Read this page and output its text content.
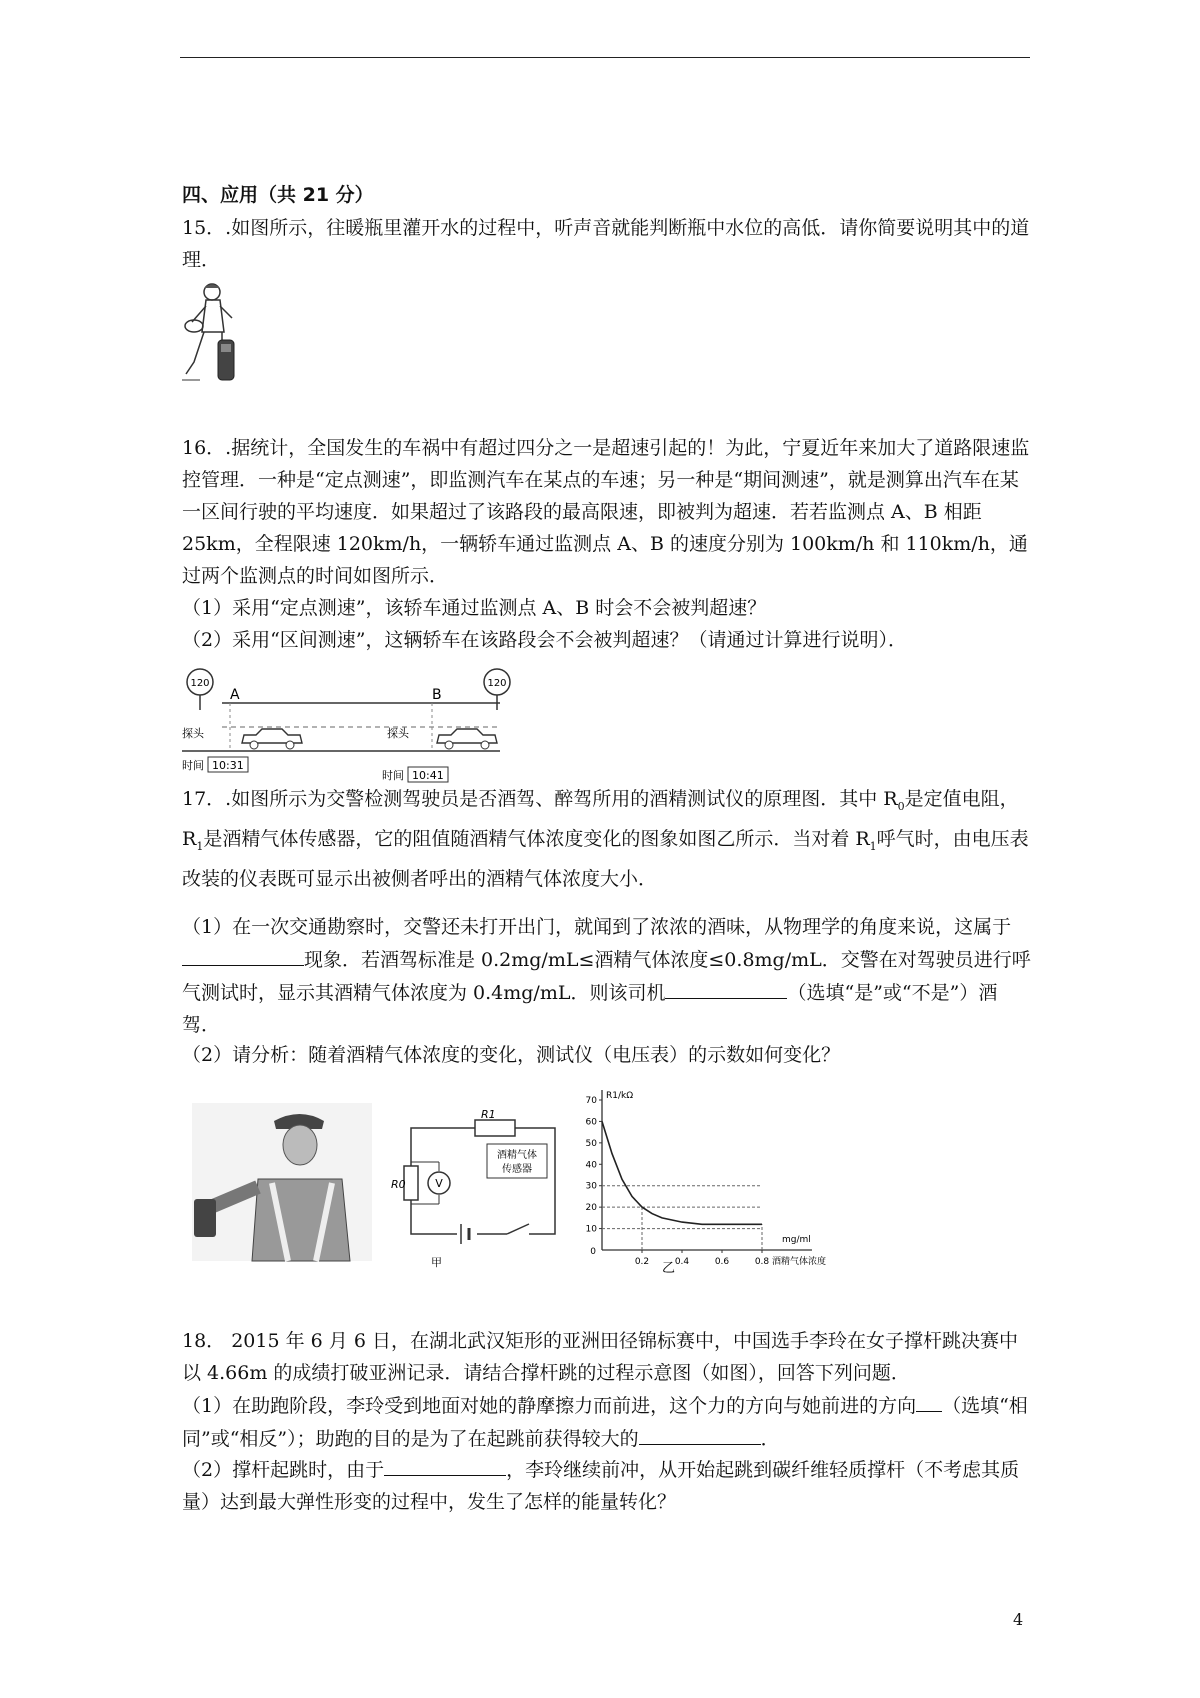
四、应用（共 21 分）
15．.如图所示，往暖瓶里灌开水的过程中，听声音就能判断瓶中水位的高低．请你简要说明其中的道理．
16．.据统计，全国发生的车祸中有超过四分之一是超速引起的！为此，宁夏近年来加大了道路限速监控管理．一种是“定点测速”，即监测汽车在某点的车速；另一种是“期间测速”，就是测算出汽车在某一区间行驶的平均速度．如果超过了该路段的最高限速，即被判为超速．若若监测点 A、B 相距 25km，全程限速 120km/h，一辆轿车通过监测点 A、B 的速度分别为 100km/h 和 110km/h，通过两个监测点的时间如图所示．
（1）采用“定点测速”，该轿车通过监测点 A、B 时会不会被判超速？
（2）采用“区间测速”，这辆轿车在该路段会不会被判超速？（请通过计算进行说明）．
120	120
A	B
探头	探头
时间 10:31
时间 10:41
17．.如图所示为交警检测驾驶员是否酒驾、醉驾所用的酒精测试仪的原理图．其中 $R_0$是定值电阻，$R_1$是酒精气体传感器，它的阻值随酒精气体浓度变化的图象如图乙所示．当对着 $R_1$呼气时，由电压表改装的仪表既可显示出被侧者呼出的酒精气体浓度大小．
（1）在一次交通勘察时，交警还未打开出门，就闻到了浓浓的酒味，从物理学的角度来说，这属于现象．若酒驾标准是 0.2mg/mL≤酒精气体浓度≤0.8mg/mL．交警在对驾驶员进行呼气测试时，显示其酒精气体浓度为 0.4mg/mL．则该司机	（选填“是”或“不是”）酒驾．
（2）请分析：随着酒精气体浓度的变化，测试仪（电压表）的示数如何变化？
R1
酒精气体
传感器
R0	V
甲
R1/kΩ
mg/ml
酒精气体浓度
0
10
20
30
40
50
60
70
0.2	0.4	0.6	0.8
乙
18． 2015 年 6 月 6 日，在湖北武汉矩形的亚洲田径锦标赛中，中国选手李玲在女子撑杆跳决赛中以 4.66m 的成绩打破亚洲记录．请结合撑杆跳的过程示意图（如图），回答下列问题．
（1）在助跑阶段，李玲受到地面对她的静摩擦力而前进，这个力的方向与她前进的方向 （选填“相同”或“相反”）；助跑的目的是为了在起跳前获得较大的	．
（2）撑杆起跳时，由于	，李玲继续前冲，从开始起跳到碳纤维轻质撑杆（不考虑其质量）达到最大弹性形变的过程中，发生了怎样的能量转化？
4
